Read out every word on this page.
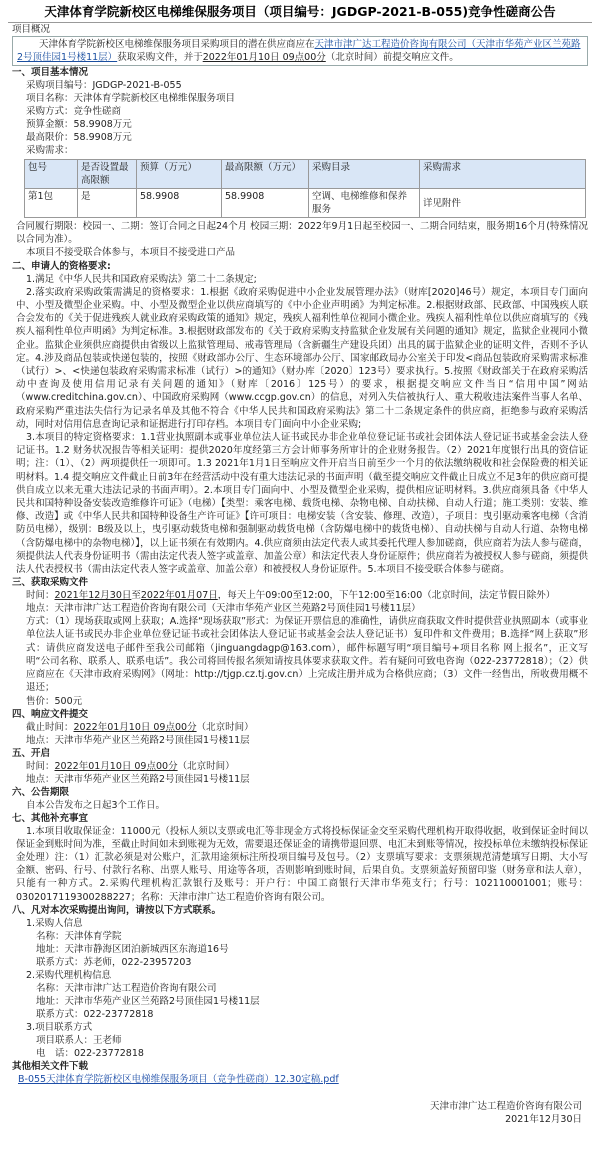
天津体育学院新校区电梯维保服务项目（项目编号：JGDGP-2021-B-055)竞争性磋商公告
项目概况
天津体育学院新校区电梯维保服务项目采购项目的潜在供应商应在天津市津广达工程造价咨询有限公司（天津市华苑产业区兰苑路2号顶佳园1号楼11层）获取采购文件，并于2022年01月10日 09点00分（北京时间）前提交响应文件。
一、项目基本情况
采购项目编号：JGDGP-2021-B-055
项目名称：天津体育学院新校区电梯维保服务项目
采购方式：竞争性磋商
预算金额：58.9908万元
最高限价：58.9908万元
采购需求：
包号	是否设置最高限额	预算（万元）	最高限额（万元）	采购目录	采购需求
第1包	是	58.9908	58.9908	空调、电梯维修和保养服务	详见附件
合同履行期限：校园一、二期：签订合同之日起24个月 校园三期：2022年9月1日起至校园一、二期合同结束，服务期16个月(特殊情况以合同为准）。
本项目不接受联合体参与，本项目不接受进口产品
二、申请人的资格要求:
1.满足《中华人民共和国政府采购法》第二十二条规定;
2.落实政府采购政策需满足的资格要求：1.根据《政府采购促进中小企业发展管理办法》（财库[2020]46号）规定，本项目专门面向中、小型及微型企业采购。中、小型及微型企业以供应商填写的《中小企业声明函》为判定标准。2.根据财政部、民政部、中国残疾人联合会发布的《关于促进残疾人就业政府采购政策的通知》规定，残疾人福利性单位视同小微企业。残疾人福利性单位以供应商填写的《残疾人福利性单位声明函》为判定标准。3.根据财政部发布的《关于政府采购支持监狱企业发展有关问题的通知》规定，监狱企业视同小微企业。监狱企业须供应商提供由省级以上监狱管理局、戒毒管理局（含新疆生产建设兵团）出具的属于监狱企业的证明文件，否则不予认定。4.涉及商品包装或快递包装的，按照《财政部办公厅、生态环境部办公厅、国家邮政局办公室关于印发<商品包装政府采购需求标准（试行）>、<快递包装政府采购需求标准（试行）>的通知》（财办库〔2020〕123号）要求执行。5.按照《财政部关于在政府采购活动中查询及使用信用记录有关问题的通知》（财库〔2016〕125号）的要求，根据提交响应文件当日“信用中国”网站（www.creditchina.gov.cn）、中国政府采购网（www.ccgp.gov.cn）的信息，对列入失信被执行人、重大税收违法案件当事人名单、政府采购严重违法失信行为记录名单及其他不符合《中华人民共和国政府采购法》第二十二条规定条件的供应商，拒绝参与政府采购活动，同时对信用信息查询记录和证据进行打印存档。本项目专门面向中小企业采购;
3.本项目的特定资格要求：1.1营业执照副本或事业单位法人证书或民办非企业单位登记证书或社会团体法人登记证书或基金会法人登记证书。1.2 财务状况报告等相关证明：提供2020年度经第三方会计师事务所审计的企业财务报告。（2）2021年度银行出具的资信证明；注：（1）、（2）两项提供任一项即可。1.3 2021年1月1日至响应文件开启当日前至少一个月的依法缴纳税收和社会保险费的相关证明材料。1.4 提交响应文件截止日前3年在经营活动中没有重大违法记录的书面声明（截至提交响应文件截止日成立不足3年的供应商可提供自成立以来无重大违法记录的书面声明）。2.本项目专门面向中、小型及微型企业采购，提供相应证明材料。3.供应商须具备《中华人民共和国特种设备安装改造维修许可证》（电梯）【类型：乘客电梯、载货电梯、杂物电梯、自动扶梯、自动人行道；施工类别：安装、维修、改造】或《中华人民共和国特种设备生产许可证》【许可项目：电梯安装（含安装、修理、改造），子项目：曳引驱动乘客电梯（含消防员电梯），级别：B级及以上，曳引驱动载货电梯和强制驱动载货电梯（含防爆电梯中的载货电梯）、自动扶梯与自动人行道、杂物电梯（含防爆电梯中的杂物电梯）】，以上证书须在有效期内。4.供应商须由法定代表人或其委托代理人参加磋商，供应商若为法人参与磋商，须提供法人代表身份证明书（需由法定代表人签字或盖章、加盖公章）和法定代表人身份证原件；供应商若为被授权人参与磋商，须提供法人代表授权书（需由法定代表人签字或盖章、加盖公章）和被授权人身份证原件。5.本项目不接受联合体参与磋商。
三、获取采购文件
时间：2021年12月30日至2022年01月07日，每天上午09:00至12:00，下午12:00至16:00（北京时间，法定节假日除外）
地点：天津市津广达工程造价咨询有限公司（天津市华苑产业区兰苑路2号顶佳园1号楼11层）
方式：（1）现场获取或网上获取；A.选择“现场获取”形式：为保证开票信息的准确性，请供应商获取文件时提供营业执照副本（或事业单位法人证书或民办非企业单位登记证书或社会团体法人登记证书或基金会法人登记证书）复印件和文件费用；B.选择“网上获取”形式：请供应商发送电子邮件至我公司邮箱（jinguangdagp@163.com），邮件标题写明“项目编号+项目名称 网上报名”，正文写明“公司名称、联系人、联系电话”。我公司将回传报名须知请按具体要求获取文件。若有疑问可致电咨询（022-23772818）；（2）供应商应在《天津市政府采购网》（网址：http://tjgp.cz.tj.gov.cn）上完成注册并成为合格供应商；（3）文件一经售出，所收费用概不退还；
售价：500元
四、响应文件提交
截止时间：2022年01月10日 09点00分（北京时间）
地点：天津市华苑产业区兰苑路2号顶佳园1号楼11层
五、开启
时间：2022年01月10日 09点00分（北京时间）
地点：天津市华苑产业区兰苑路2号顶佳园1号楼11层
六、公告期限
自本公告发布之日起3个工作日。
七、其他补充事宜
1.本项目收取保证金：11000元（投标人须以支票或电汇等非现金方式将投标保证金交至采购代理机构开取得收据，收到保证金时间以保证金到账时间为准，至截止时间如未到账视为无效，需要退还保证金的请携带退回票、电汇未到账等情况，按投标单位未缴纳投标保证金处理）注：（1）汇款必须是对公账户，汇款用途须标注所投项目编号及包号。（2）支票填写要求：支票须规范清楚填写日期、大小写金额、密码、行号、付款行名称、出票人账号、用途等各项，否则影响到账时间，后果自负。支票须盖好预留印鉴（财务章和法人章），只能有一种方式。2.采购代理机构汇款银行及账号：开户行：中国工商银行天津市华苑支行；行号：102110001001；账号：0302017119300288227；名称：天津市津广达工程造价咨询有限公司。
八、凡对本次采购提出询问，请按以下方式联系。
1.采购人信息
名称：天津体育学院
地址：天津市静海区团泊新城西区东海道16号
联系方式：苏老师，022-23957203
2.采购代理机构信息
名称：天津市津广达工程造价咨询有限公司
地址：天津市华苑产业区兰苑路2号顶佳园1号楼11层
联系方式：022-23772818
3.项目联系方式
项目联系人：王老师
电　话：022-23772818
其他相关文件下载
B-055天津体育学院新校区电梯维保服务项目（竞争性磋商）12.30定稿.pdf
天津市津广达工程造价咨询有限公司
2021年12月30日
